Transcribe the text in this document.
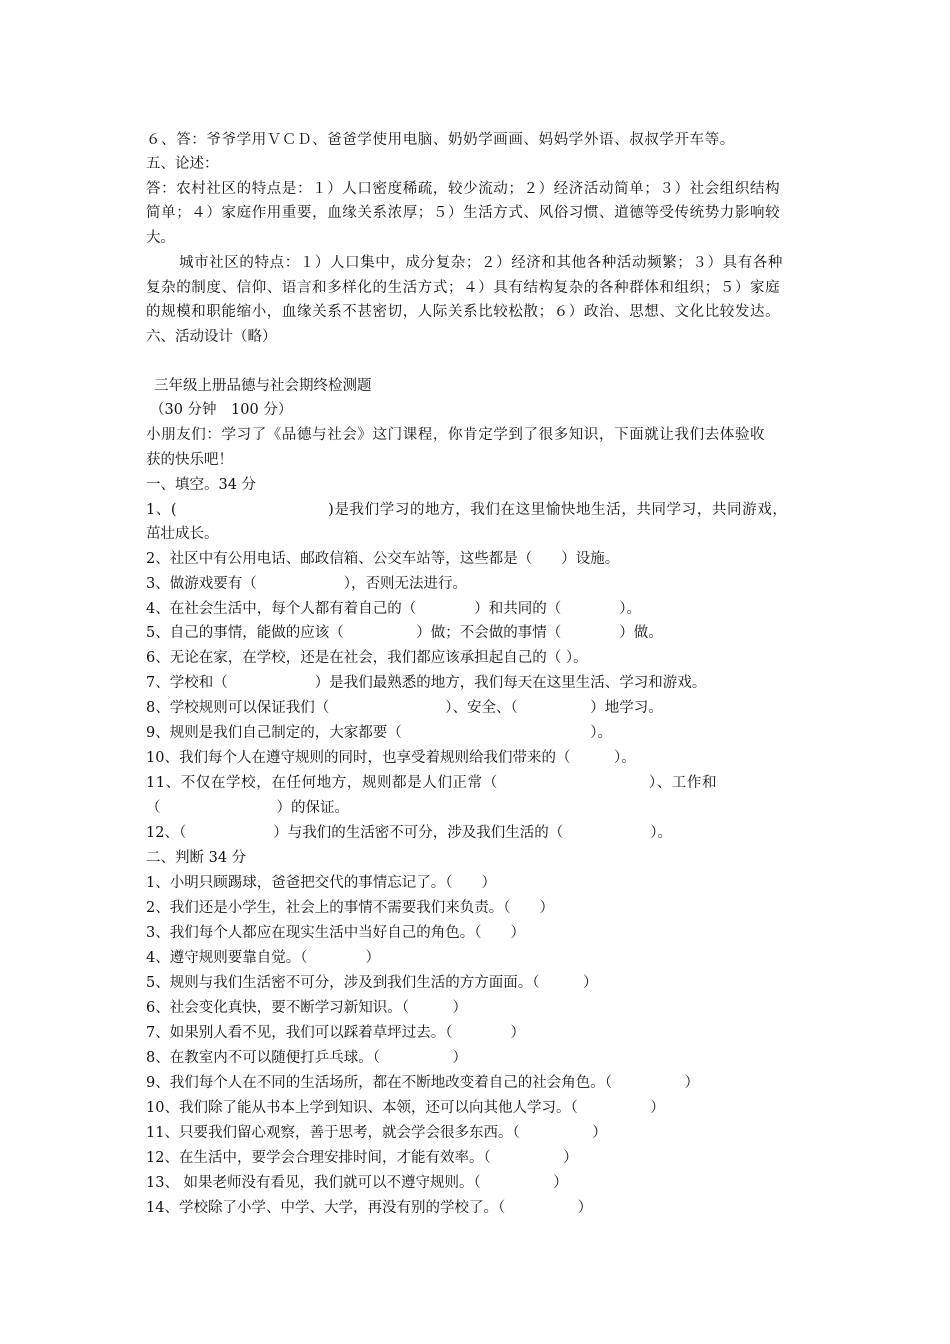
６、答：爷爷学用ＶＣＤ、爸爸学使用电脑、奶奶学画画、妈妈学外语、叔叔学开车等。
五、论述：
答：农村社区的特点是：１）人口密度稀疏，较少流动；２）经济活动简单；３）社会组织结构
简单；４）家庭作用重要，血缘关系浓厚；５）生活方式、风俗习惯、道德等受传统势力影响较
大。
城市社区的特点：１）人口集中，成分复杂；２）经济和其他各种活动频繁；３）具有各种
复杂的制度、信仰、语言和多样化的生活方式；４）具有结构复杂的各种群体和组织；５）家庭
的规模和职能缩小，血缘关系不甚密切，人际关系比较松散；６）政治、思想、文化比较发达。
六、活动设计（略）
三年级上册品德与社会期终检测题
（30 分钟　100 分）
小朋友们：学习了《品德与社会》这门课程，你肯定学到了很多知识，下面就让我们去体验收
获的快乐吧！
一、填空。34 分
1、(　　　　　　　　　　)是我们学习的地方，我们在这里愉快地生活，共同学习，共同游戏，
茁壮成长。
2、社区中有公用电话、邮政信箱、公交车站等，这些都是（　　）设施。
3、做游戏要有（　　　　　　），否则无法进行。
4、在社会生活中，每个人都有着自己的（　　　　）和共同的（　　　　）。
5、自己的事情，能做的应该（　　　　　）做；不会做的事情（　　　　）做。
6、无论在家，在学校，还是在社会，我们都应该承担起自己的（ ）。
7、学校和（　　　　　　）是我们最熟悉的地方，我们每天在这里生活、学习和游戏。
8、学校规则可以保证我们（　　　　　　　　）、安全、（　　　　　）地学习。
9、规则是我们自己制定的，大家都要（　　　　　　　　　　　　　）。
10、我们每个人在遵守规则的同时，也享受着规则给我们带来的（　　　）。
11、不仅在学校，在任何地方，规则都是人们正常（　　　　　　　　　　）、工作和
（　　　　　　　　）的保证。
12、（　　　　　　）与我们的生活密不可分，涉及我们生活的（　　　　　　）。
二、判断 34 分
1、小明只顾踢球，爸爸把交代的事情忘记了。（　　）
2、我们还是小学生，社会上的事情不需要我们来负责。（　　）
3、我们每个人都应在现实生活中当好自己的角色。（　　）
4、遵守规则要靠自觉。（　　　　）
5、规则与我们生活密不可分，涉及到我们生活的方方面面。（　　　）
6、社会变化真快，要不断学习新知识。（　　　）
7、如果别人看不见，我们可以踩着草坪过去。（　　　　）
8、在教室内不可以随便打乒乓球。（　　　　　）
9、我们每个人在不同的生活场所，都在不断地改变着自己的社会角色。（　　　　　）
10、我们除了能从书本上学到知识、本领，还可以向其他人学习。（　　　　　）
11、只要我们留心观察，善于思考，就会学会很多东西。（　　　　　）
12、在生活中，要学会合理安排时间，才能有效率。（　　　　　）
13、 如果老师没有看见，我们就可以不遵守规则。（　　　　　）
14、学校除了小学、中学、大学，再没有别的学校了。（　　　　　）
